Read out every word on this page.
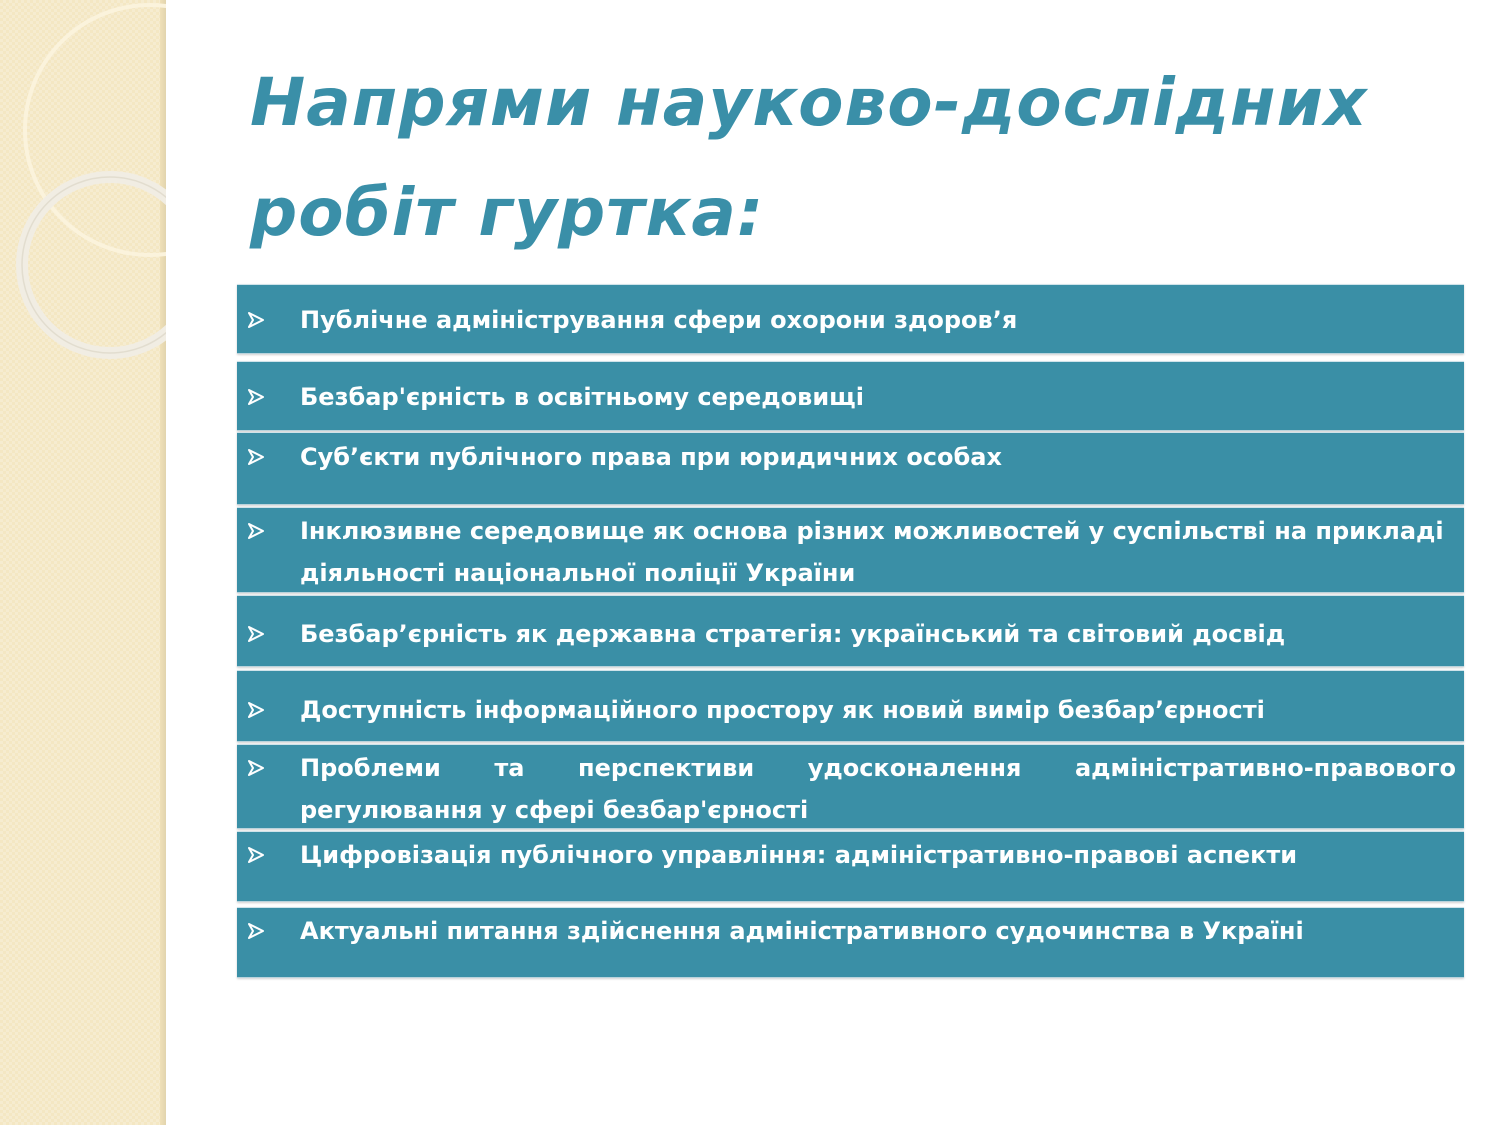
Напрями науково-дослідних
робіт гуртка:
Публічне адміністрування сфери охорони здоров’я
Безбар'єрність в освітньому середовищі
Суб’єкти публічного права при юридичних особах
Інклюзивне середовище як основа різних можливостей у суспільстві на прикладі діяльності національної поліції України
Безбар’єрність як державна стратегія: український та світовий досвід
Доступність інформаційного простору як новий вимір безбар’єрності
Проблеми та перспективи удосконалення адміністративно-правового регулювання у сфері безбар'єрності
Цифровізація публічного управління: адміністративно-правові аспекти
Актуальні питання здійснення адміністративного судочинства в Україні
